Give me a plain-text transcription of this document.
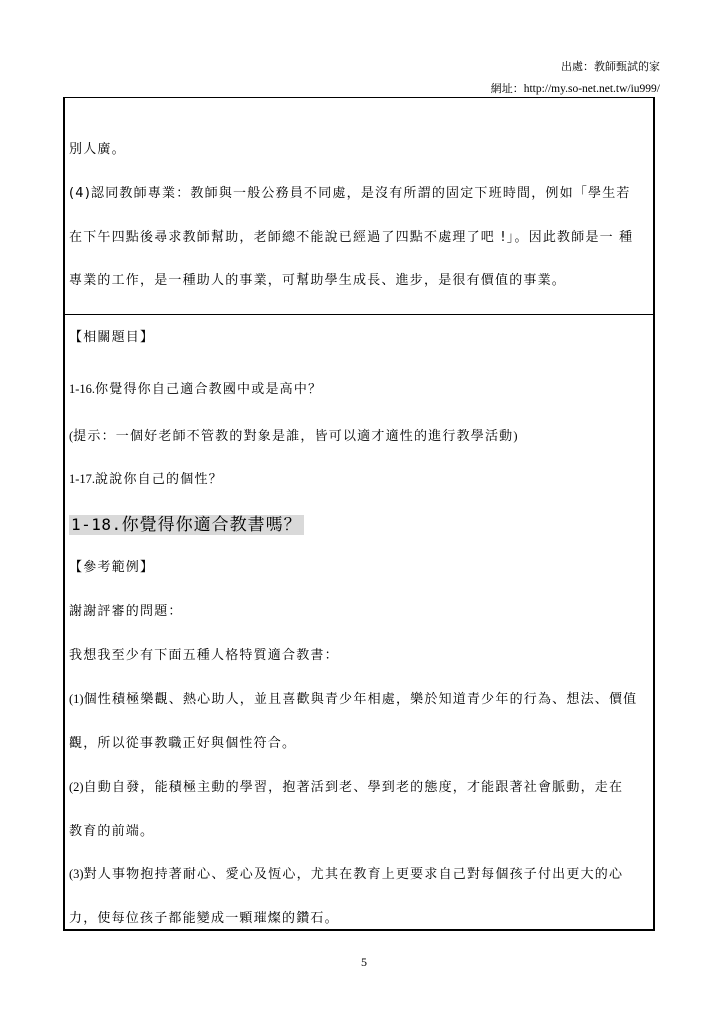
出處：教師甄試的家
網址：http://my.so-net.net.tw/iu999/
別人廣。
(4)認同教師專業：教師與一般公務員不同處，是沒有所謂的固定下班時間，例如「學生若
在下午四點後尋求教師幫助，老師總不能說已經過了四點不處理了吧 !」。因此教師是一 種
專業的工作，是一種助人的事業，可幫助學生成長、進步，是很有價值的事業。
【相關題目】
1-16.你覺得你自己適合教國中或是高中？
(提示：一個好老師不管教的對象是誰，皆可以適才適性的進行教學活動)
1-17.說說你自己的個性？
1-18.你覺得你適合教書嗎？
【參考範例】
謝謝評審的問題：
我想我至少有下面五種人格特質適合教書：
(1)個性積極樂觀、熱心助人，並且喜歡與青少年相處，樂於知道青少年的行為、想法、價值
觀，所以從事教職正好與個性符合。
(2)自動自發，能積極主動的學習，抱著活到老、學到老的態度，才能跟著社會脈動，走在
教育的前端。
(3)對人事物抱持著耐心、愛心及恆心，尤其在教育上更要求自己對每個孩子付出更大的心
力，使每位孩子都能變成一顆璀燦的鑽石。
5
